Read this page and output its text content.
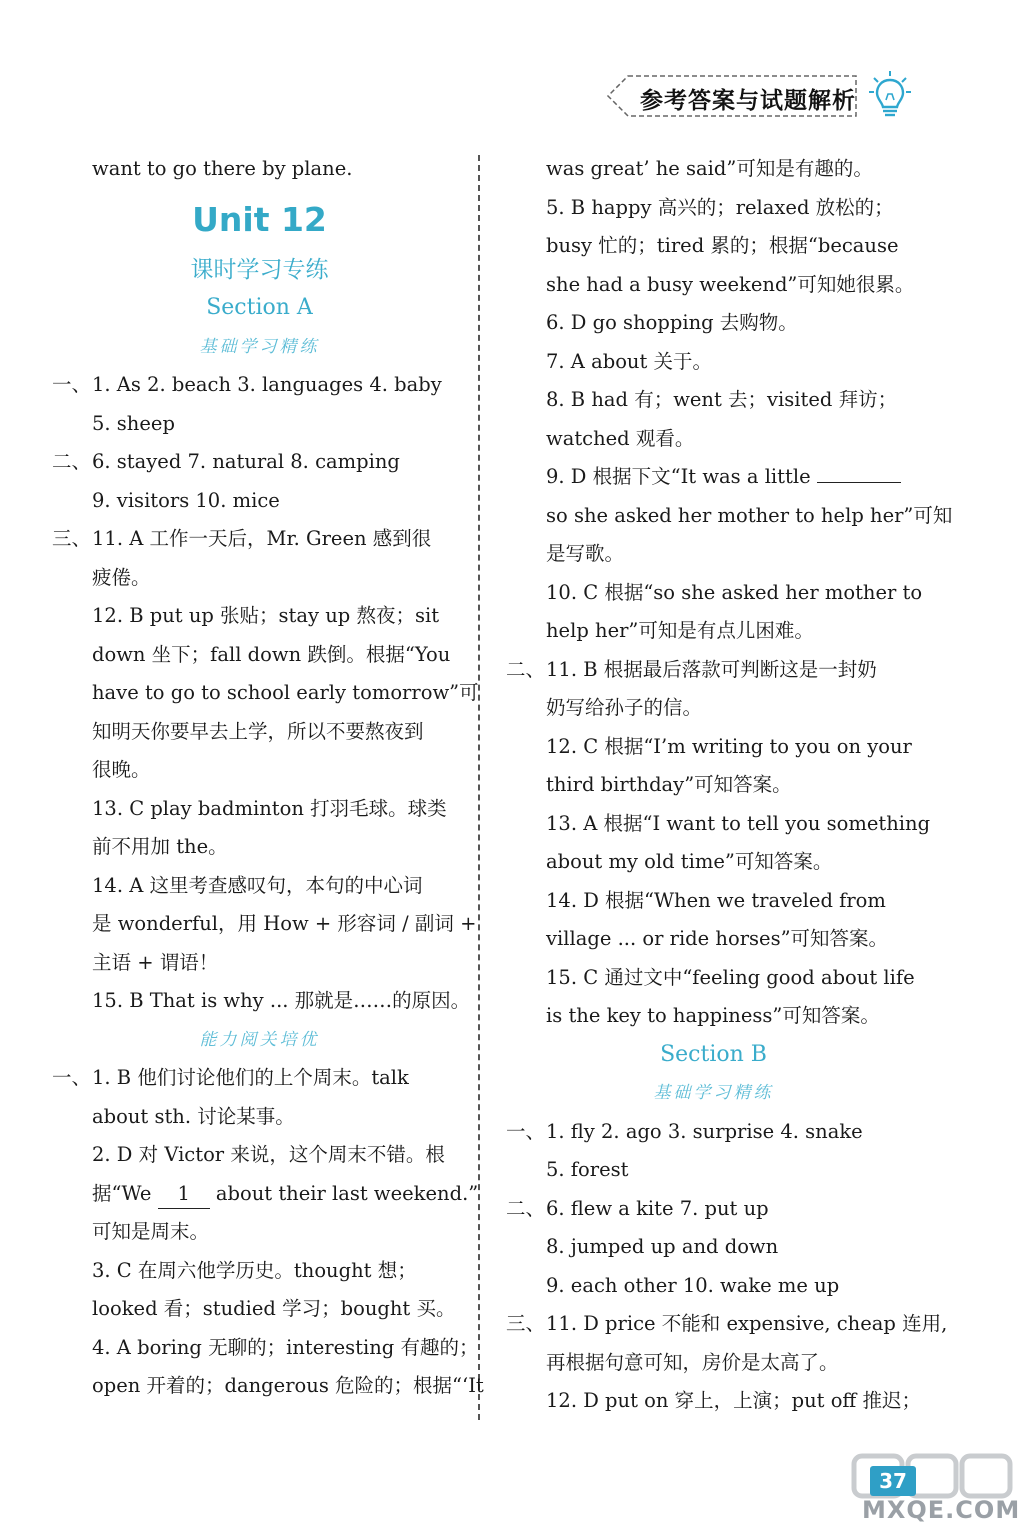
参考答案与试题解析
want to go there by plane.
Unit 12
课时学习专练
Section A
基础学习精练
一、 1. As 2. beach 3. languages 4. baby
5. sheep
二、 6. stayed 7. natural 8. camping
9. visitors 10. mice
三、 11. A 工作一天后，Mr. Green 感到很
疲倦。
12. B put up 张贴；stay up 熬夜；sit
down 坐下；fall down 跌倒。根据“You
have to go to school early tomorrow”可
知明天你要早去上学，所以不要熬夜到
很晚。
13. C play badminton 打羽毛球。球类
前不用加 the。
14. A 这里考查感叹句，本句的中心词
是 wonderful，用 How + 形容词 / 副词 +
主语 + 谓语！
15. B That is why ... 那就是……的原因。
能力阅关培优
一、 1. B 他们讨论他们的上个周末。talk
about sth. 讨论某事。
2. D 对 Victor 来说，这个周末不错。根
据“We 1 about their last weekend.”
可知是周末。
3. C 在周六他学历史。thought 想；
looked 看；studied 学习；bought 买。
4. A boring 无聊的；interesting 有趣的；
open 开着的；dangerous 危险的；根据“‘It
was great’ he said”可知是有趣的。
5. B happy 高兴的；relaxed 放松的；
busy 忙的；tired 累的；根据“because
she had a busy weekend”可知她很累。
6. D go shopping 去购物。
7. A about 关于。
8. B had 有；went 去；visited 拜访；
watched 观看。
9. D 根据下文“It was a little
so she asked her mother to help her”可知
是写歌。
10. C 根据“so she asked her mother to
help her”可知是有点儿困难。
二、 11. B 根据最后落款可判断这是一封奶
奶写给孙子的信。
12. C 根据“I’m writing to you on your
third birthday”可知答案。
13. A 根据“I want to tell you something
about my old time”可知答案。
14. D 根据“When we traveled from
village ... or ride horses”可知答案。
15. C 通过文中“feeling good about life
is the key to happiness”可知答案。
Section B
基础学习精练
一、 1. fly 2. ago 3. surprise 4. snake
5. forest
二、 6. flew a kite 7. put up
8. jumped up and down
9. each other 10. wake me up
三、 11. D price 不能和 expensive, cheap 连用,
再根据句意可知，房价是太高了。
12. D put on 穿上，上演；put off 推迟；
37
MXQE.COM
